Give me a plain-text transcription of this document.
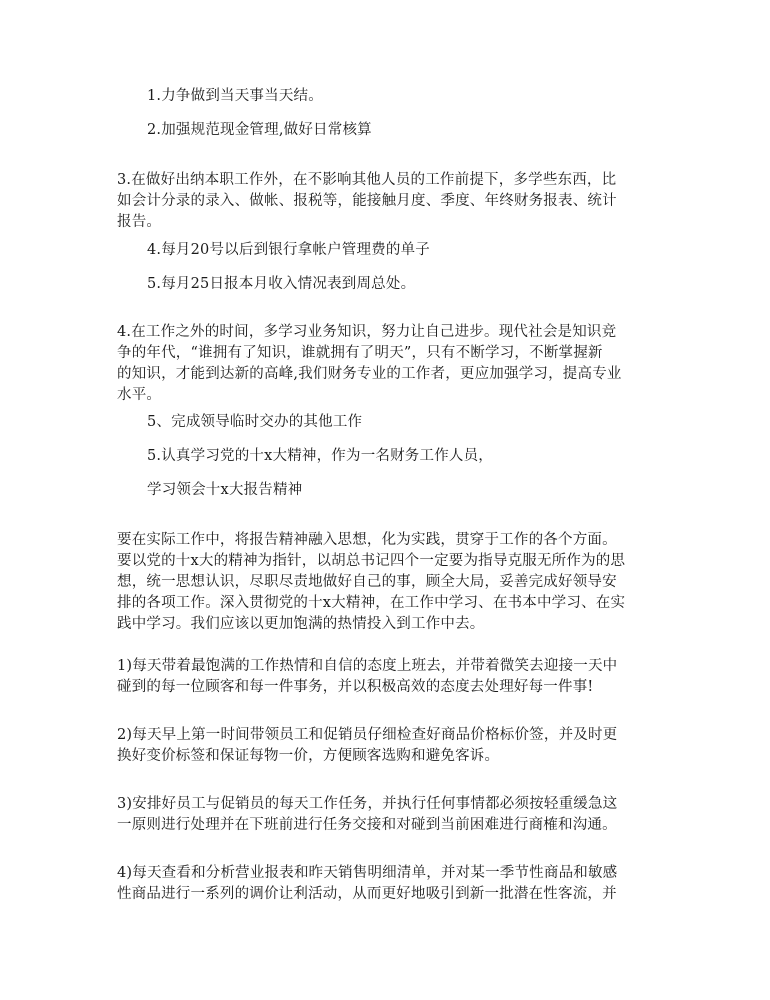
1.力争做到当天事当天结。
2.加强规范现金管理,做好日常核算
3.在做好出纳本职工作外，在不影响其他人员的工作前提下，多学些东西，比
如会计分录的录入、做帐、报税等，能接触月度、季度、年终财务报表、统计
报告。
4.每月20号以后到银行拿帐户管理费的单子
5.每月25日报本月收入情况表到周总处。
4.在工作之外的时间，多学习业务知识，努力让自己进步。现代社会是知识竞
争的年代，“谁拥有了知识，谁就拥有了明天”，只有不断学习，不断掌握新
的知识，才能到达新的高峰,我们财务专业的工作者，更应加强学习，提高专业
水平。
5、完成领导临时交办的其他工作
5.认真学习党的十x大精神，作为一名财务工作人员，
学习领会十x大报告精神
要在实际工作中，将报告精神融入思想，化为实践，贯穿于工作的各个方面。
要以党的十x大的精神为指针，以胡总书记四个一定要为指导克服无所作为的思
想，统一思想认识，尽职尽责地做好自己的事，顾全大局，妥善完成好领导安
排的各项工作。深入贯彻党的十x大精神，在工作中学习、在书本中学习、在实
践中学习。我们应该以更加饱满的热情投入到工作中去。
1)每天带着最饱满的工作热情和自信的态度上班去，并带着微笑去迎接一天中
碰到的每一位顾客和每一件事务，并以积极高效的态度去处理好每一件事!
2)每天早上第一时间带领员工和促销员仔细检查好商品价格标价签，并及时更
换好变价标签和保证每物一价，方便顾客选购和避免客诉。
3)安排好员工与促销员的每天工作任务，并执行任何事情都必须按轻重缓急这
一原则进行处理并在下班前进行任务交接和对碰到当前困难进行商榷和沟通。
4)每天查看和分析营业报表和昨天销售明细清单，并对某一季节性商品和敏感
性商品进行一系列的调价让利活动，从而更好地吸引到新一批潜在性客流，并
